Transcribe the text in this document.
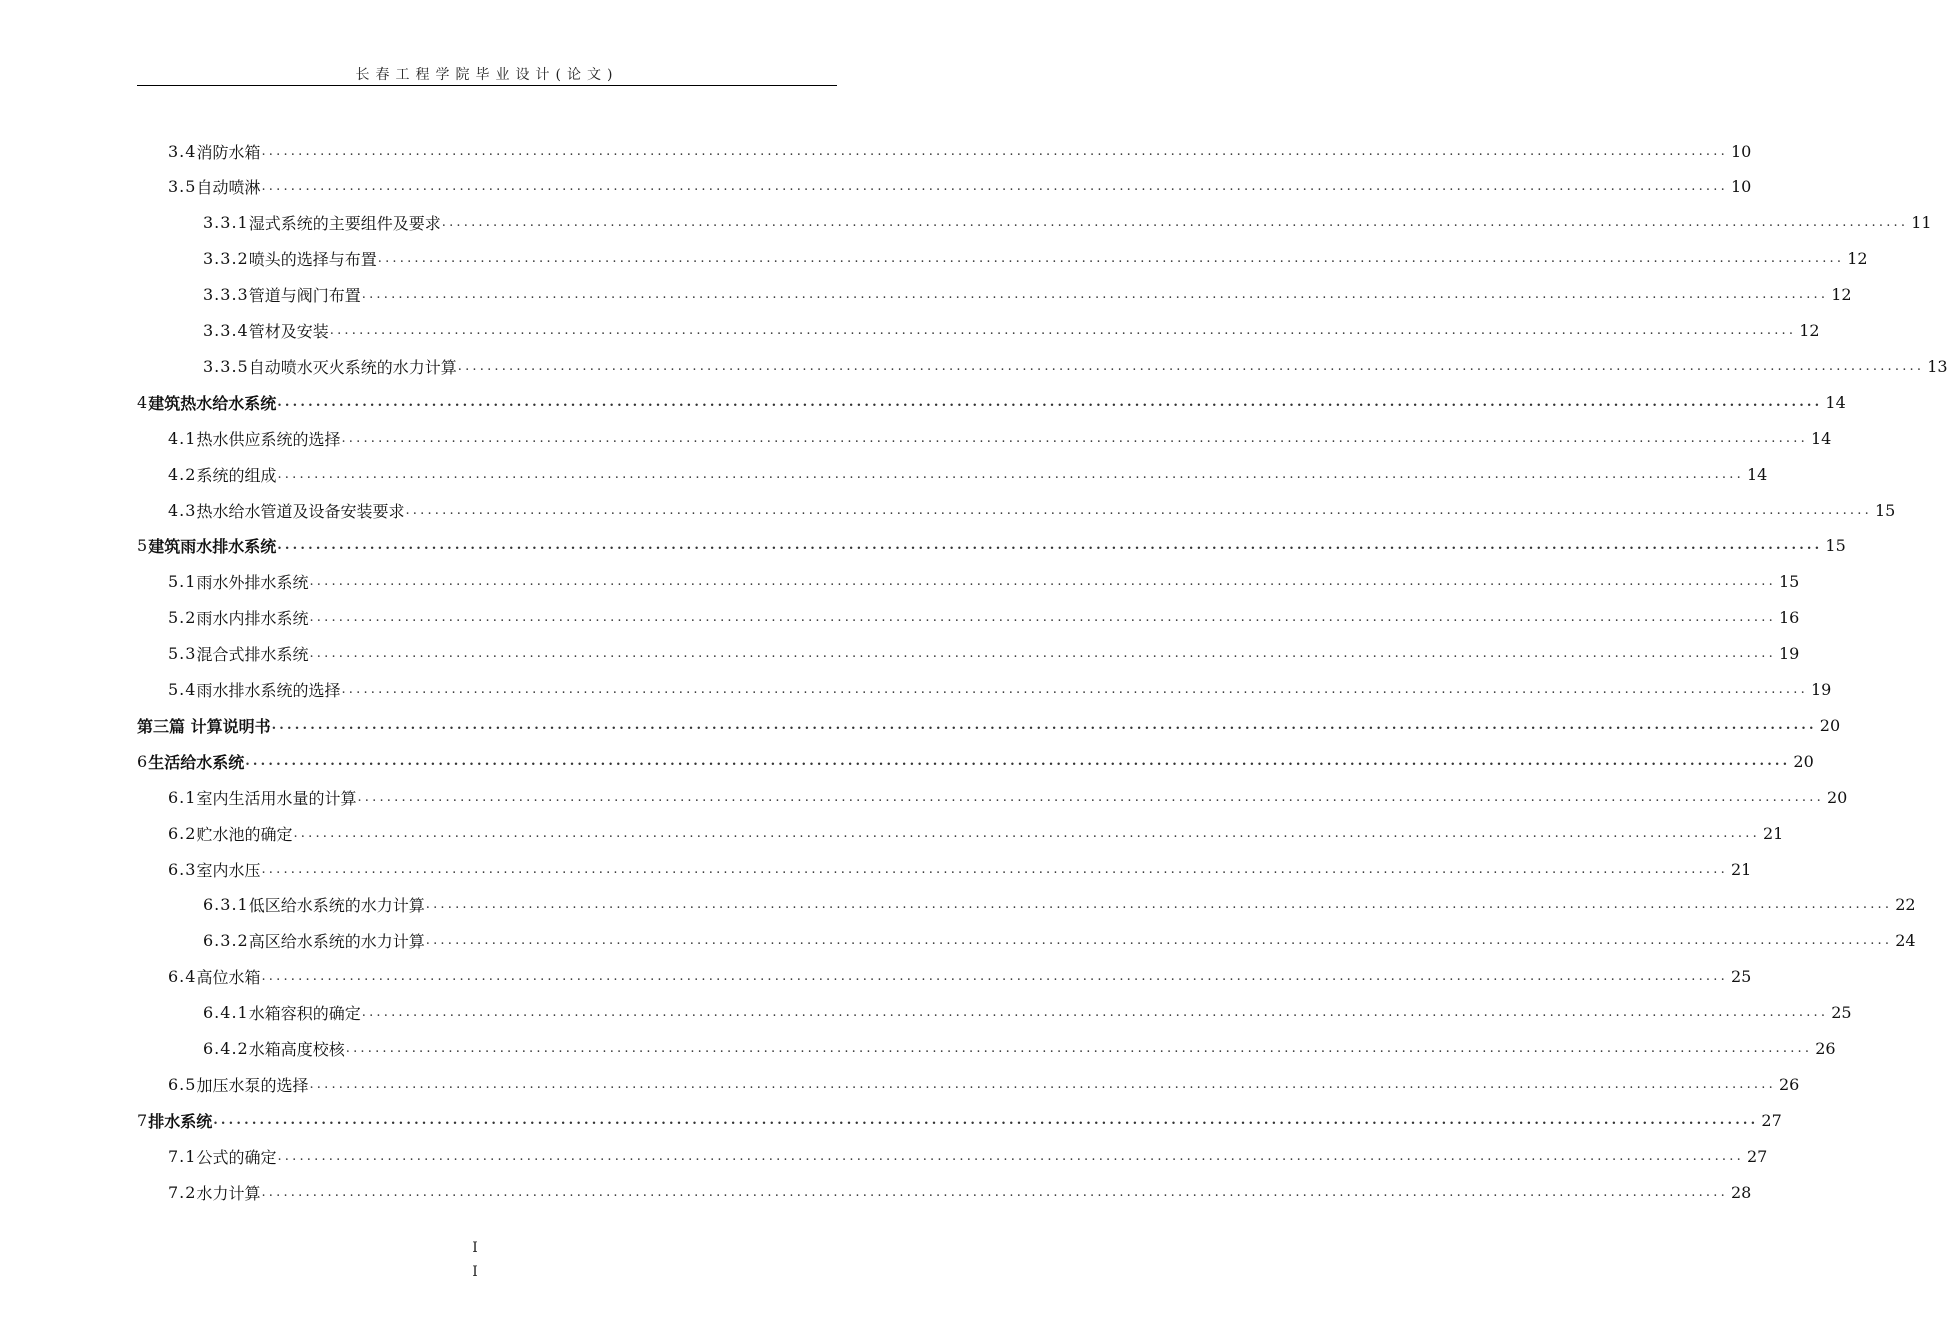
长春工程学院毕业设计(论文)
3.4 消防水箱 ........................................................................................................................................................................................................ 10
3.5 自动喷淋 ........................................................................................................................................................................................................ 10
3.3.1 湿式系统的主要组件及要求 ........................................................................................................................................................................................................ 11
3.3.2 喷头的选择与布置 ........................................................................................................................................................................................................ 12
3.3.3 管道与阀门布置 ........................................................................................................................................................................................................ 12
3.3.4 管材及安装 ........................................................................................................................................................................................................ 12
3.3.5 自动喷水灭火系统的水力计算 ........................................................................................................................................................................................................ 13
4 建筑热水给水系统 ........................................................................................................................................................................................................ 14
4.1 热水供应系统的选择 ........................................................................................................................................................................................................ 14
4.2 系统的组成 ........................................................................................................................................................................................................ 14
4.3 热水给水管道及设备安装要求 ........................................................................................................................................................................................................ 15
5 建筑雨水排水系统 ........................................................................................................................................................................................................ 15
5.1 雨水外排水系统 ........................................................................................................................................................................................................ 15
5.2 雨水内排水系统 ........................................................................................................................................................................................................ 16
5.3 混合式排水系统 ........................................................................................................................................................................................................ 19
5.4 雨水排水系统的选择 ........................................................................................................................................................................................................ 19
第三篇 计算说明书 ........................................................................................................................................................................................................ 20
6 生活给水系统 ........................................................................................................................................................................................................ 20
6.1 室内生活用水量的计算 ........................................................................................................................................................................................................ 20
6.2 贮水池的确定 ........................................................................................................................................................................................................ 21
6.3 室内水压 ........................................................................................................................................................................................................ 21
6.3.1 低区给水系统的水力计算 ........................................................................................................................................................................................................ 22
6.3.2 高区给水系统的水力计算 ........................................................................................................................................................................................................ 24
6.4 高位水箱 ........................................................................................................................................................................................................ 25
6.4.1 水箱容积的确定 ........................................................................................................................................................................................................ 25
6.4.2 水箱高度校核 ........................................................................................................................................................................................................ 26
6.5 加压水泵的选择 ........................................................................................................................................................................................................ 26
7 排水系统 ........................................................................................................................................................................................................ 27
7.1 公式的确定 ........................................................................................................................................................................................................ 27
7.2 水力计算 ........................................................................................................................................................................................................ 28
I
I
